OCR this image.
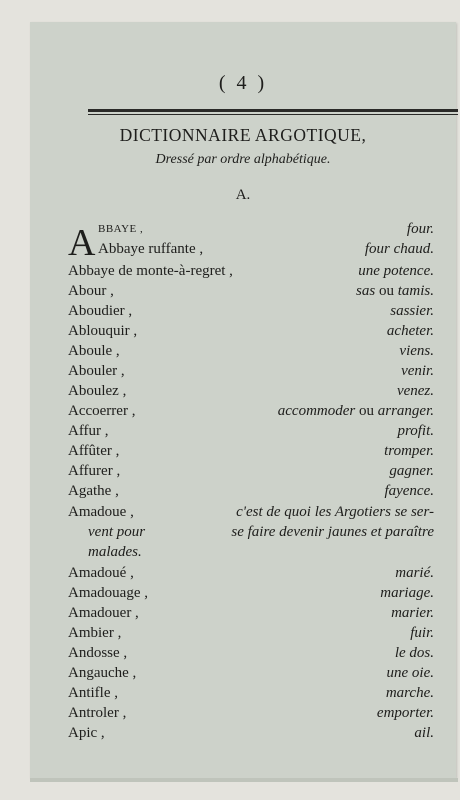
( 4 )
DICTIONNAIRE ARGOTIQUE,
Dressé par ordre alphabétique.
A.
A BBAYE ,	four.
Abbaye ruffante ,	four chaud.
Abbaye de monte-à-regret ,	une potence.
Abour ,	sas ou tamis.
Aboudier ,	sassier.
Ablouquir ,	acheter.
Aboule ,	viens.
Abouler ,	venir.
Aboulez ,	venez.
Accoerrer ,	accommoder ou arranger.
Affur ,	profit.
Affûter ,	tromper.
Affurer ,	gagner.
Agathe ,	fayence.
Amadoue ,	c'est de quoi les Argotiers se ser-
vent pour	se faire devenir jaunes et paraître
malades.
Amadoué ,	marié.
Amadouage ,	mariage.
Amadouer ,	marier.
Ambier ,	fuir.
Andosse ,	le dos.
Angauche ,	une oie.
Antifle ,	marche.
Antroler ,	emporter.
Apic ,	ail.
